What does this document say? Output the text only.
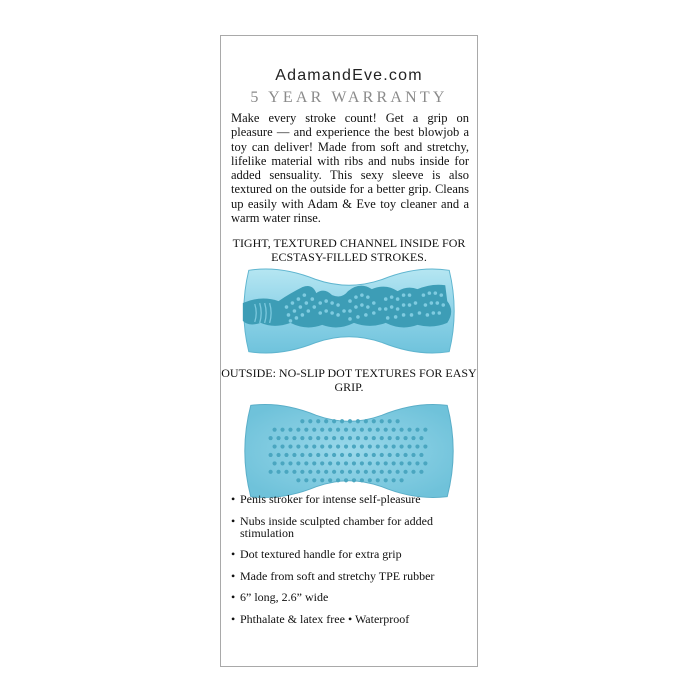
AdamandEve.com
5 YEAR WARRANTY

Make every stroke count! Get a grip on pleasure — and experience the best blowjob a toy can deliver! Made from soft and stretchy, lifelike material with ribs and nubs inside for added sensuality. This sexy sleeve is also textured on the outside for a better grip. Cleans up easily with Adam & Eve toy cleaner and a warm water rinse.

TIGHT, TEXTURED CHANNEL INSIDE FOR ECSTASY-FILLED STROKES.
OUTSIDE: NO-SLIP DOT TEXTURES FOR EASY GRIP.
• Penis stroker for intense self-pleasure
• Nubs inside sculpted chamber for added stimulation
• Dot textured handle for extra grip
• Made from soft and stretchy TPE rubber
• 6” long, 2.6” wide
• Phthalate & latex free • Waterproof
